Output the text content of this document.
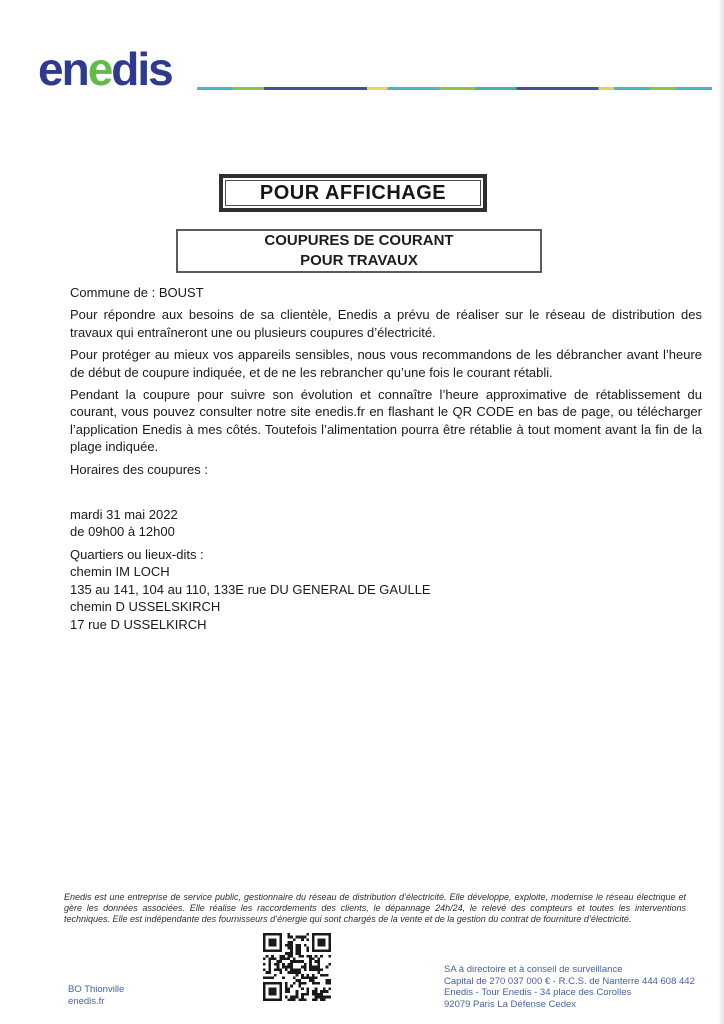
enedis
POUR AFFICHAGE
COUPURES DE COURANT
POUR TRAVAUX

Commune de : BOUST

Pour répondre aux besoins de sa clientèle, Enedis a prévu de réaliser sur le réseau de distribution des travaux qui entraîneront une ou plusieurs coupures d’électricité.

Pour protéger au mieux vos appareils sensibles, nous vous recommandons de les débrancher avant l’heure de début de coupure indiquée, et de ne les rebrancher qu’une fois le courant rétabli.

Pendant la coupure pour suivre son évolution et connaître l’heure approximative de rétablissement du courant, vous pouvez consulter notre site enedis.fr en flashant le QR CODE en bas de page, ou télécharger l’application Enedis à mes côtés. Toutefois l’alimentation pourra être rétablie à tout moment avant la fin de la plage indiquée.

Horaires des coupures :

mardi 31 mai 2022
de 09h00 à 12h00
Quartiers ou lieux-dits :
chemin IM LOCH
135 au 141, 104 au 110, 133E rue DU GENERAL DE GAULLE
chemin D USSELSKIRCH
17 rue D USSELKIRCH

Enedis est une entreprise de service public, gestionnaire du réseau de distribution d’électricité. Elle développe, exploite, modernise le réseau électrique et gère les données associées. Elle réalise les raccordements des clients, le dépannage 24h/24, le relevé des compteurs et toutes les interventions techniques. Elle est indépendante des fournisseurs d’énergie qui sont chargés de la vente et de la gestion du contrat de fourniture d’électricité.

BO Thionville
enedis.fr
SA à directoire et à conseil de surveillance
Capital de 270 037 000 € - R.C.S. de Nanterre 444 608 442
Enedis - Tour Enedis - 34 place des Corolles
92079 Paris La Défense Cedex
